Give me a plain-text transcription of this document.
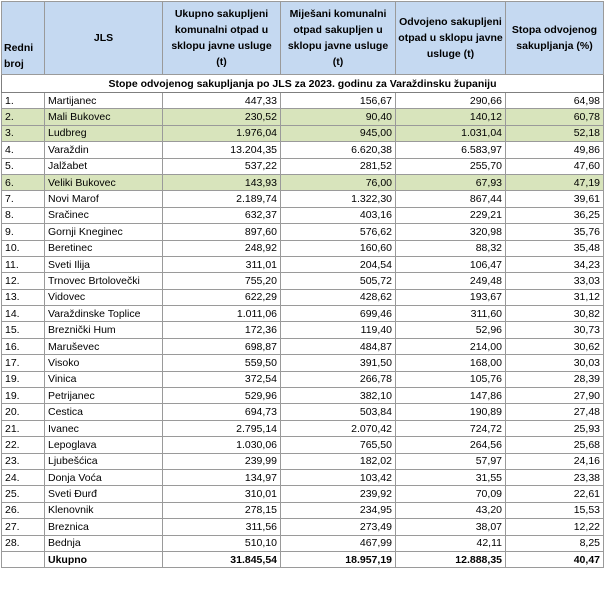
Stope odvojenog sakupljanja po JLS za 2023. godinu za Varaždinsku županiju					
Redni broj	JLS	Ukupno sakupljeni komunalni otpad u sklopu javne usluge (t)	Miješani komunalni otpad sakupljen u sklopu javne usluge (t)	Odvojeno sakupljeni otpad u sklopu javne usluge (t)	Stopa odvojenog sakupljanja (%)
1.	Martijanec	447,33	156,67	290,66	64,98
2.	Mali Bukovec	230,52	90,40	140,12	60,78
3.	Ludbreg	1.976,04	945,00	1.031,04	52,18
4.	Varaždin	13.204,35	6.620,38	6.583,97	49,86
5.	Jalžabet	537,22	281,52	255,70	47,60
6.	Veliki Bukovec	143,93	76,00	67,93	47,19
7.	Novi Marof	2.189,74	1.322,30	867,44	39,61
8.	Sračinec	632,37	403,16	229,21	36,25
9.	Gornji Kneginec	897,60	576,62	320,98	35,76
10.	Beretinec	248,92	160,60	88,32	35,48
11.	Sveti Ilija	311,01	204,54	106,47	34,23
12.	Trnovec Brtolovečki	755,20	505,72	249,48	33,03
13.	Vidovec	622,29	428,62	193,67	31,12
14.	Varaždinske Toplice	1.011,06	699,46	311,60	30,82
15.	Breznički Hum	172,36	119,40	52,96	30,73
16.	Maruševec	698,87	484,87	214,00	30,62
17.	Visoko	559,50	391,50	168,00	30,03
19.	Vinica	372,54	266,78	105,76	28,39
19.	Petrijanec	529,96	382,10	147,86	27,90
20.	Cestica	694,73	503,84	190,89	27,48
21.	Ivanec	2.795,14	2.070,42	724,72	25,93
22.	Lepoglava	1.030,06	765,50	264,56	25,68
23.	Ljubešćica	239,99	182,02	57,97	24,16
24.	Donja Voća	134,97	103,42	31,55	23,38
25.	Sveti Đurđ	310,01	239,92	70,09	22,61
26.	Klenovnik	278,15	234,95	43,20	15,53
27.	Breznica	311,56	273,49	38,07	12,22
28.	Bednja	510,10	467,99	42,11	8,25
	Ukupno	31.845,54	18.957,19	12.888,35	40,47
